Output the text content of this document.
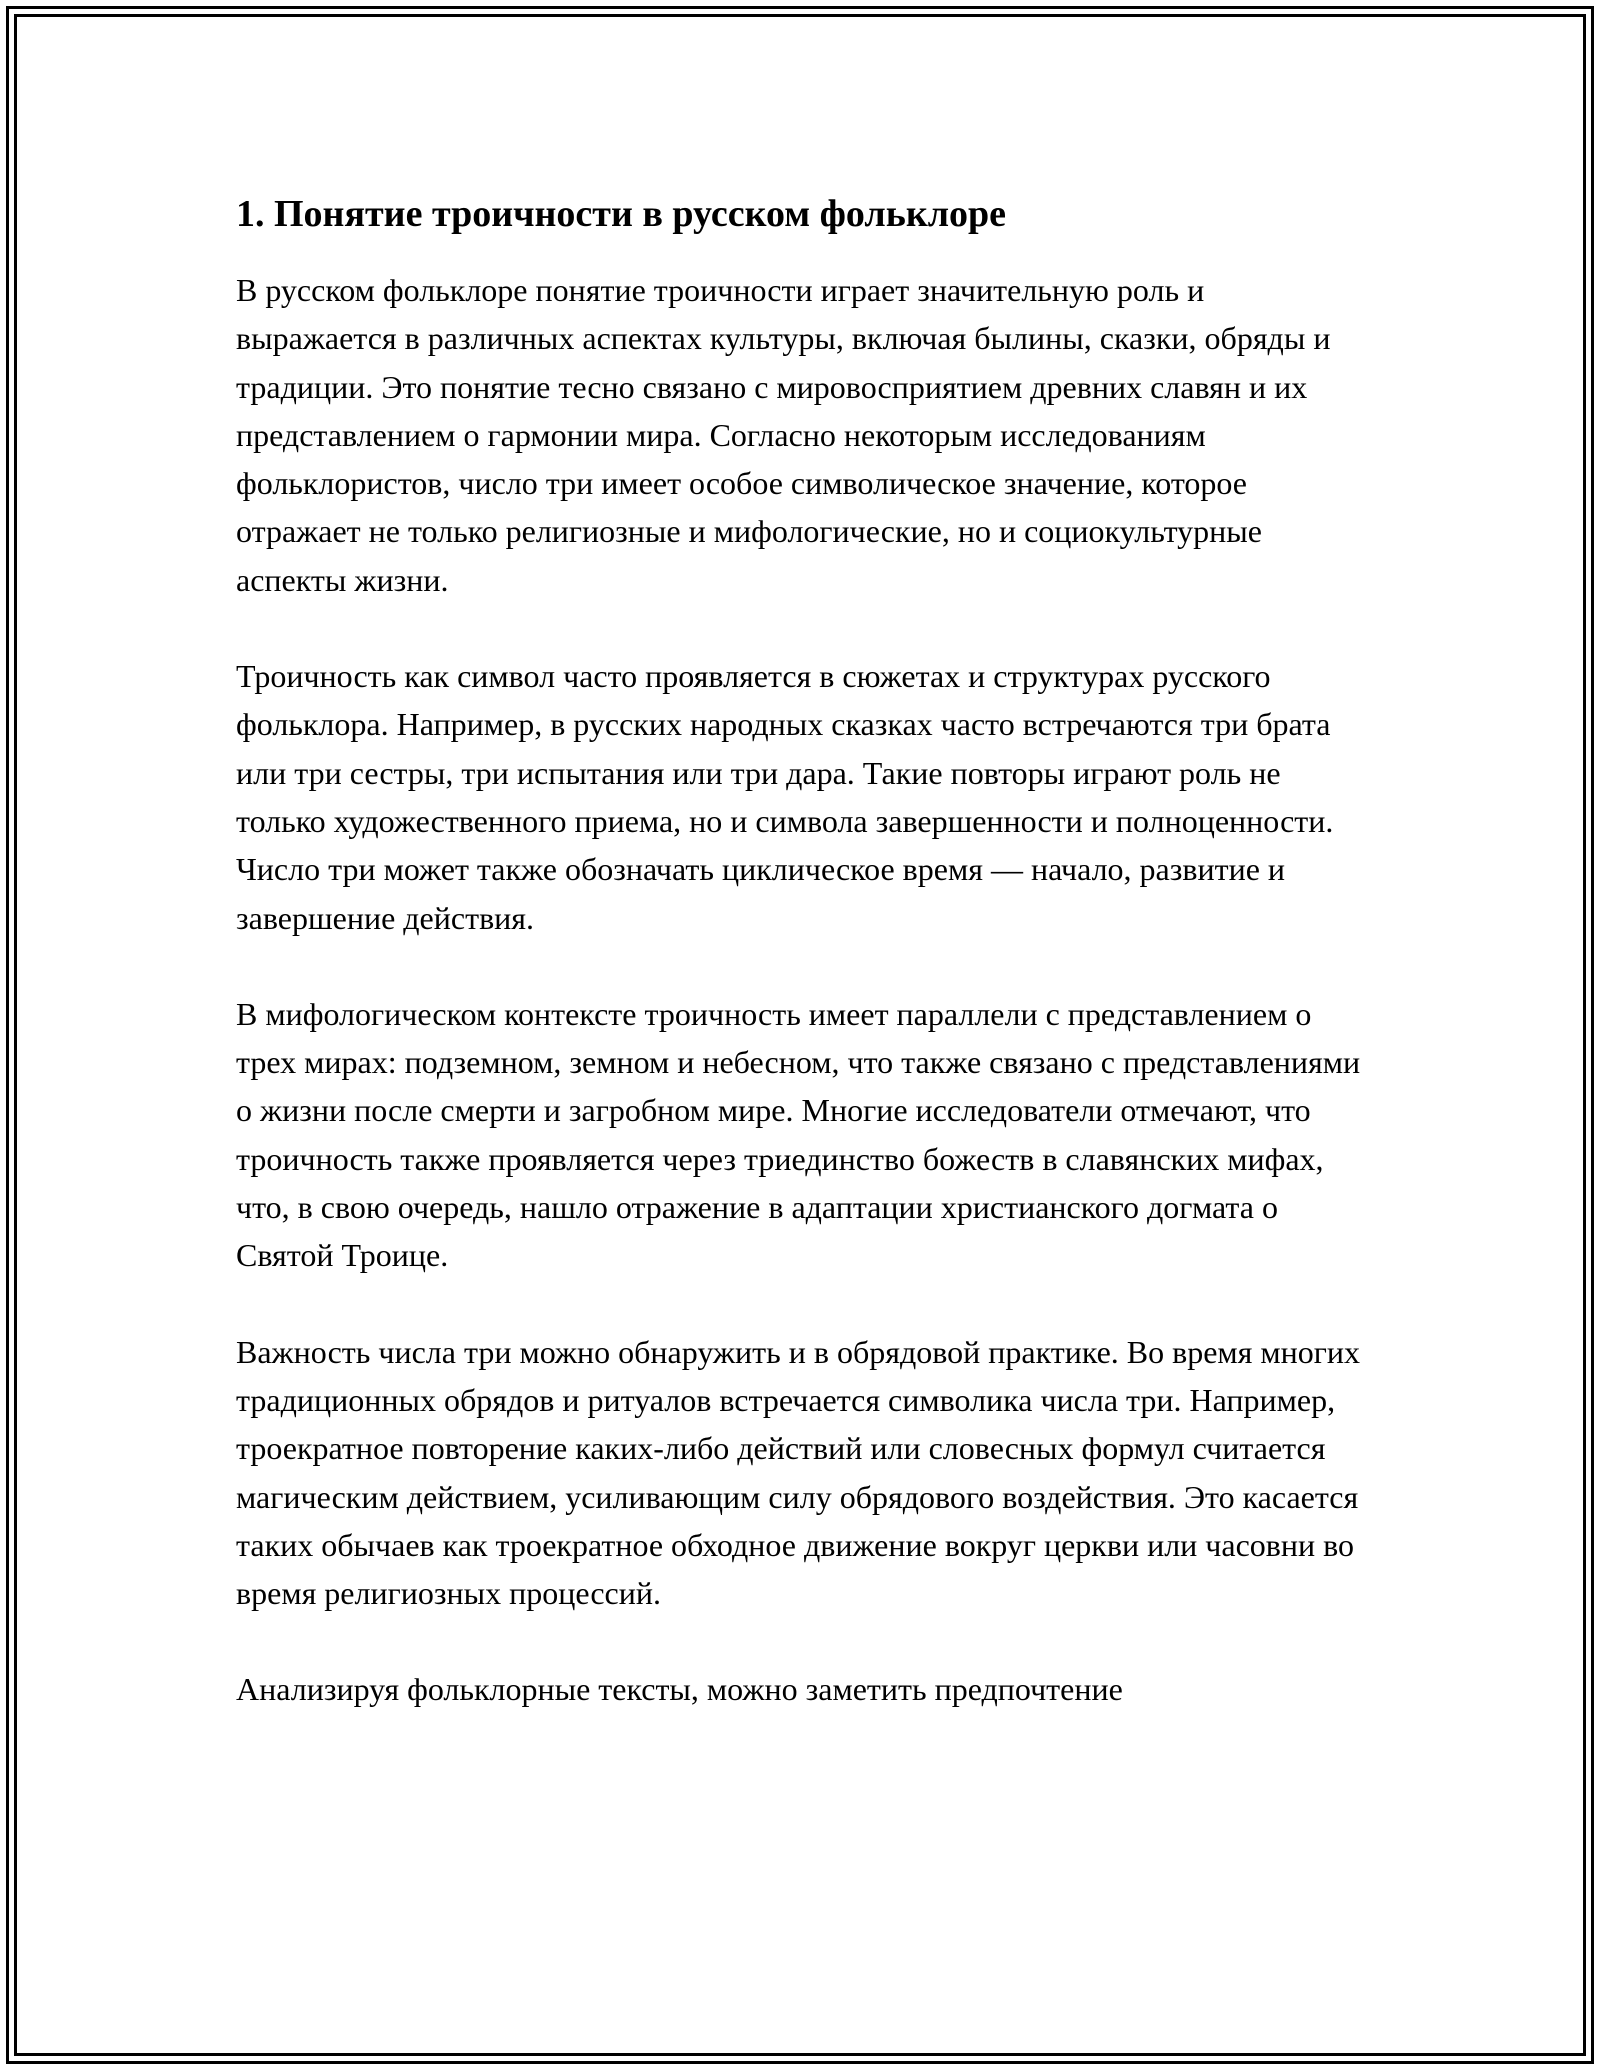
1. Понятие троичности в русском фольклоре

В русском фольклоре понятие троичности играет значительную роль и выражается в различных аспектах культуры, включая былины, сказки, обряды и традиции. Это понятие тесно связано с мировосприятием древних славян и их представлением о гармонии мира. Согласно некоторым исследованиям фольклористов, число три имеет особое символическое значение, которое отражает не только религиозные и мифологические, но и социокультурные аспекты жизни.

Троичность как символ часто проявляется в сюжетах и структурах русского фольклора. Например, в русских народных сказках часто встречаются три брата или три сестры, три испытания или три дара. Такие повторы играют роль не только художественного приема, но и символа завершенности и полноценности. Число три может также обозначать циклическое время — начало, развитие и завершение действия.

В мифологическом контексте троичность имеет параллели с представлением о трех мирах: подземном, земном и небесном, что также связано с представлениями о жизни после смерти и загробном мире. Многие исследователи отмечают, что троичность также проявляется через триединство божеств в славянских мифах, что, в свою очередь, нашло отражение в адаптации христианского догмата о Святой Троице.

Важность числа три можно обнаружить и в обрядовой практике. Во время многих традиционных обрядов и ритуалов встречается символика числа три. Например, троекратное повторение каких-либо действий или словесных формул считается магическим действием, усиливающим силу обрядового воздействия. Это касается таких обычаев как троекратное обходное движение вокруг церкви или часовни во время религиозных процессий.

Анализируя фольклорные тексты, можно заметить предпочтение
